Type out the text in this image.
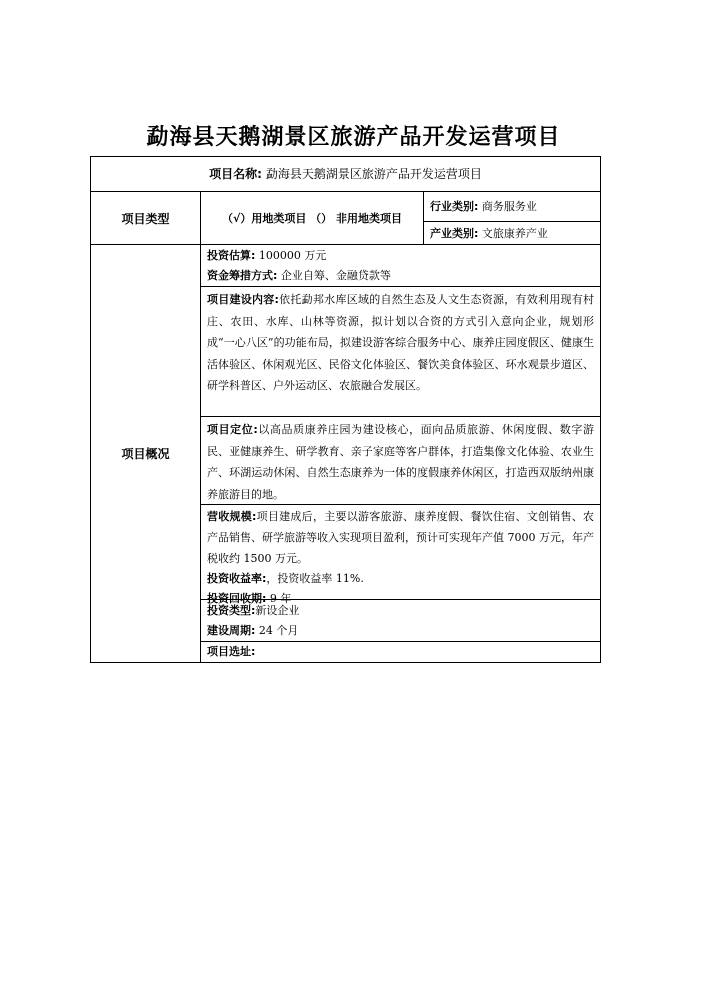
勐海县天鹅湖景区旅游产品开发运营项目
项目名称: 勐海县天鹅湖景区旅游产品开发运营项目
项目类型	（√）用地类项目 （） 非用地类项目
行业类别: 商务服务业
产业类别: 文旅康养产业
项目概况
投资估算: 100000 万元
资金筹措方式: 企业自筹、金融贷款等
项目建设内容:依托勐邦水库区域的自然生态及人文生态资源，有效利用现有村庄、农田、水库、山林等资源，拟计划以合资的方式引入意向企业，规划形成“一心八区”的功能布局，拟建设游客综合服务中心、康养庄园度假区、健康生活体验区、休闲观光区、民俗文化体验区、餐饮美食体验区、环水观景步道区、研学科普区、户外运动区、农旅融合发展区。
项目定位:以高品质康养庄园为建设核心，面向品质旅游、休闲度假、数字游民、亚健康养生、研学教育、亲子家庭等客户群体，打造集像文化体验、农业生产、环湖运动休闲、自然生态康养为一体的度假康养休闲区，打造西双版纳州康养旅游目的地。
营收规模:项目建成后，主要以游客旅游、康养度假、餐饮住宿、文创销售、农产品销售、研学旅游等收入实现项目盈利，预计可实现年产值 7000 万元，年产税收约 1500 万元。
投资收益率:，投资收益率 11%.
投资回收期: 9 年
投资类型:新设企业
建设周期: 24 个月
项目选址:
